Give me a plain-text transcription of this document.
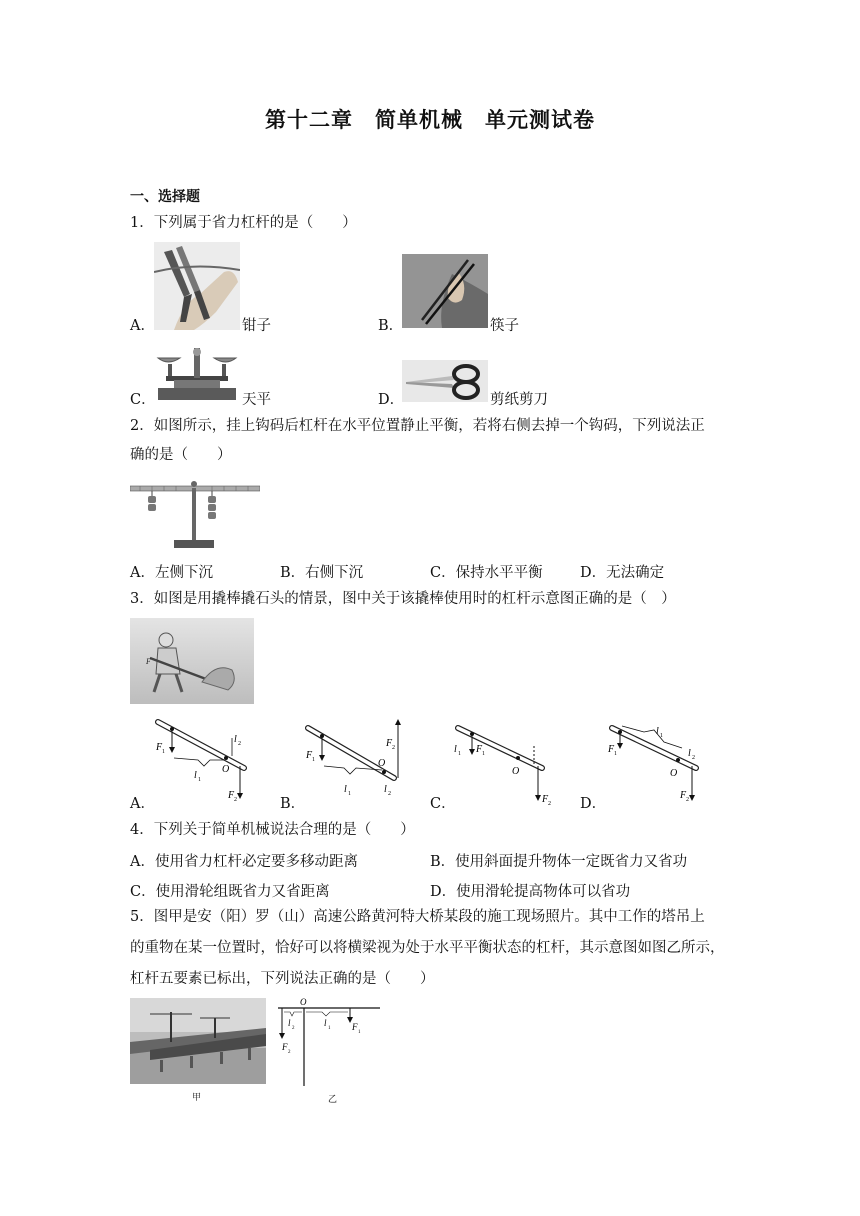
第十二章　简单机械　单元测试卷
一、选择题
1．下列属于省力杠杆的是（　　）
A．	钳子	B．	筷子
C．	天平	D．	剪纸剪刀
2．如图所示，挂上钩码后杠杆在水平位置静止平衡，若将右侧去掉一个钩码，下列说法正
确的是（　　）
A．左侧下沉	B．右侧下沉	C．保持水平平衡	D．无法确定
3．如图是用撬棒撬石头的情景，图中关于该撬棒使用时的杠杆示意图正确的是（　）
F
F 1
O
F 2
l 1
l 2
A．
F 1	O
F 2
l 1	l 2
B．
F 1
l 1
O
F 2
C．
F 1
l 1
O
l 2
F 2
D．
4．下列关于简单机械说法合理的是（　　）
A．使用省力杠杆必定要多移动距离	B．使用斜面提升物体一定既省力又省功
C．使用滑轮组既省力又省距离	D．使用滑轮提高物体可以省功
5．图甲是安（阳）罗（山）高速公路黄河特大桥某段的施工现场照片。其中工作的塔吊上
的重物在某一位置时，恰好可以将横梁视为处于水平平衡状态的杠杆，其示意图如图乙所示，
杠杆五要素已标出，下列说法正确的是（　　）
甲
O
F
2
l
2
l
1 F
1
乙
